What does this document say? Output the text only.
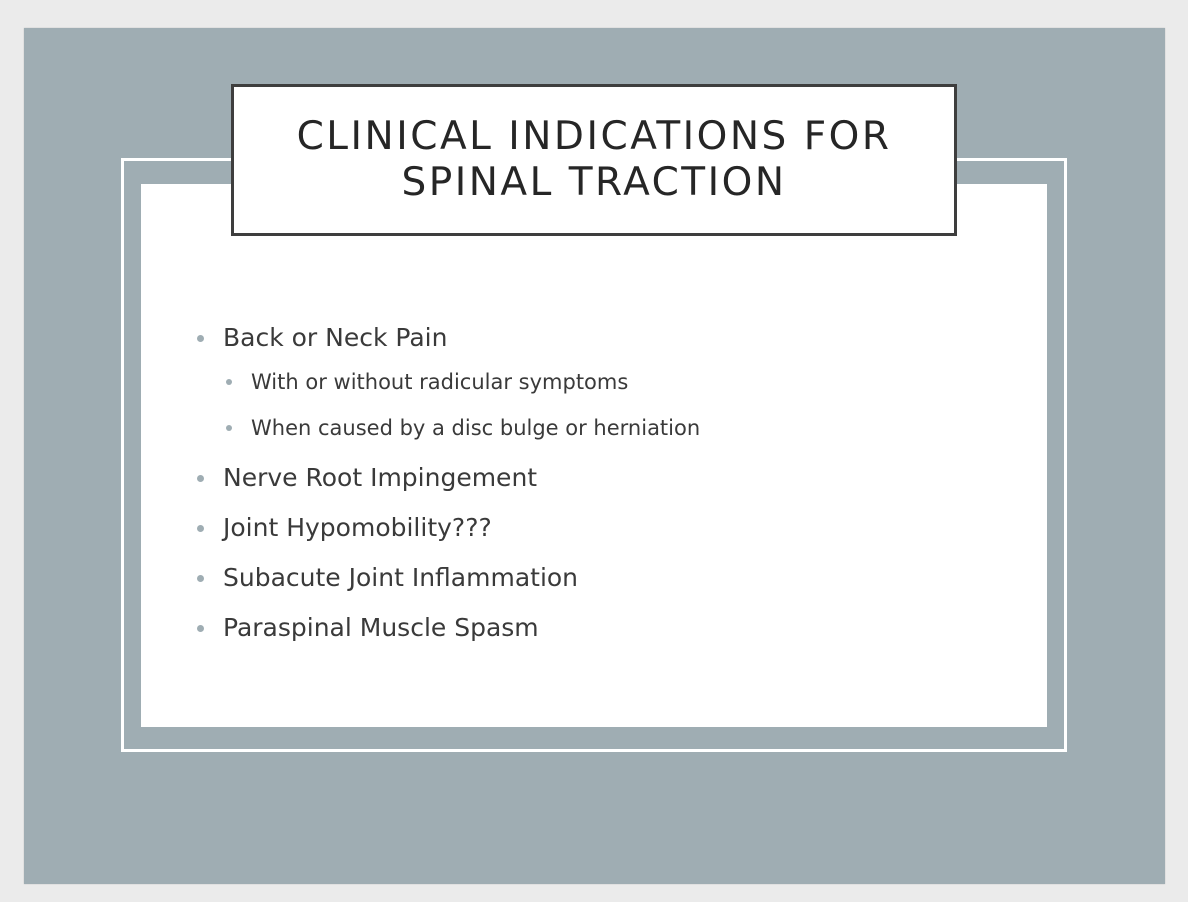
CLINICAL INDICATIONS FOR
SPINAL TRACTION
Back or Neck Pain
With or without radicular symptoms
When caused by a disc bulge or herniation
Nerve Root Impingement
Joint Hypomobility???
Subacute Joint Inflammation
Paraspinal Muscle Spasm
